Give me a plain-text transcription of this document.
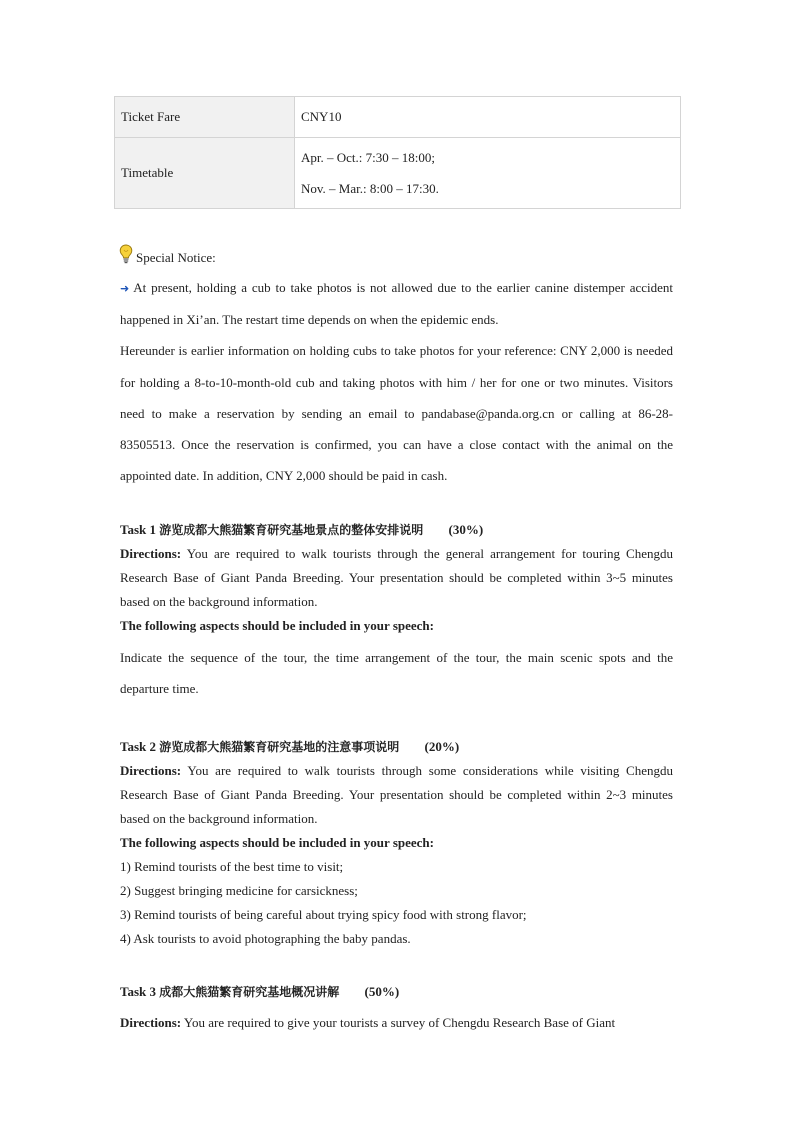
Ticket Fare	CNY10
Timetable	Apr. – Oct.: 7:30 – 18:00;
Nov. – Mar.: 8:00 – 17:30.
Special Notice:

➜ At present, holding a cub to take photos is not allowed due to the earlier canine distemper accident happened in Xi’an. The restart time depends on when the epidemic ends.

Hereunder is earlier information on holding cubs to take photos for your reference: CNY 2,000 is needed for holding a 8-to-10-month-old cub and taking photos with him / her for one or two minutes. Visitors need to make a reservation by sending an email to pandabase@panda.org.cn or calling at 86-28-83505513. Once the reservation is confirmed, you can have a close contact with the animal on the appointed date. In addition, CNY 2,000 should be paid in cash.

Task 1 游览成都大熊猫繁育研究基地景点的整体安排说明 (30%)

Directions: You are required to walk tourists through the general arrangement for touring Chengdu Research Base of Giant Panda Breeding. Your presentation should be completed within 3~5 minutes based on the background information.

The following aspects should be included in your speech:

Indicate the sequence of the tour, the time arrangement of the tour, the main scenic spots and the departure time.

Task 2 游览成都大熊猫繁育研究基地的注意事项说明 (20%)

Directions: You are required to walk tourists through some considerations while visiting Chengdu Research Base of Giant Panda Breeding. Your presentation should be completed within 2~3 minutes based on the background information.

The following aspects should be included in your speech:

1) Remind tourists of the best time to visit;

2) Suggest bringing medicine for carsickness;

3) Remind tourists of being careful about trying spicy food with strong flavor;

4) Ask tourists to avoid photographing the baby pandas.

Task 3 成都大熊猫繁育研究基地概况讲解 (50%)

Directions: You are required to give your tourists a survey of Chengdu Research Base of Giant
